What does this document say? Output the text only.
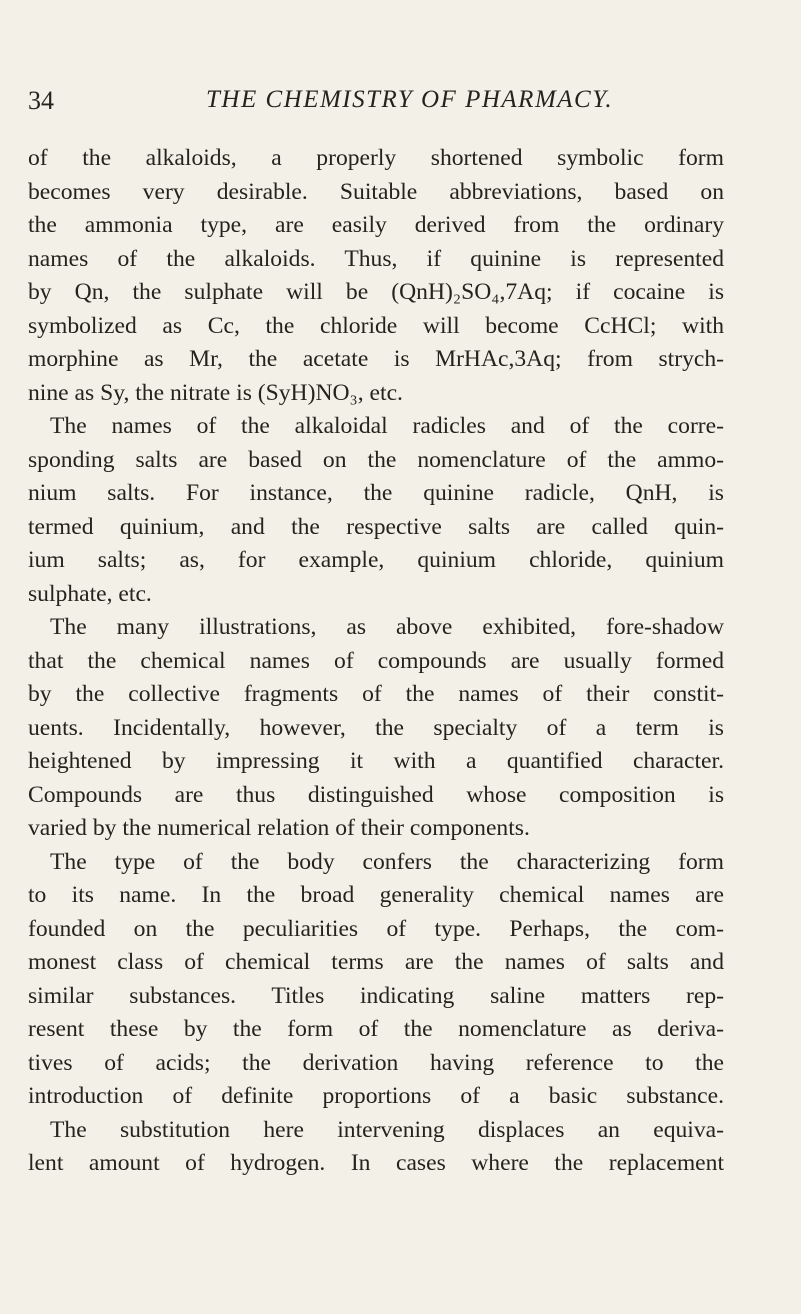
34	THE CHEMISTRY OF PHARMACY.
of the alkaloids, a properly shortened symbolic form
becomes very desirable. Suitable abbreviations, based on
the ammonia type, are easily derived from the ordinary
names of the alkaloids. Thus, if quinine is represented
by Qn, the sulphate will be (QnH)₂SO₄,7Aq; if cocaine is
symbolized as Cc, the chloride will become CcHCl; with
morphine as Mr, the acetate is MrHAc,3Aq; from strych-
nine as Sy, the nitrate is (SyH)NO₃, etc.
The names of the alkaloidal radicles and of the corre-
sponding salts are based on the nomenclature of the ammo-
nium salts. For instance, the quinine radicle, QnH, is
termed quinium, and the respective salts are called quin-
ium salts; as, for example, quinium chloride, quinium
sulphate, etc.
The many illustrations, as above exhibited, fore-shadow
that the chemical names of compounds are usually formed
by the collective fragments of the names of their constit-
uents. Incidentally, however, the specialty of a term is
heightened by impressing it with a quantified character.
Compounds are thus distinguished whose composition is
varied by the numerical relation of their components.
The type of the body confers the characterizing form
to its name. In the broad generality chemical names are
founded on the peculiarities of type. Perhaps, the com-
monest class of chemical terms are the names of salts and
similar substances. Titles indicating saline matters rep-
resent these by the form of the nomenclature as deriva-
tives of acids; the derivation having reference to the
introduction of definite proportions of a basic substance.
The substitution here intervening displaces an equiva-
lent amount of hydrogen. In cases where the replacement
